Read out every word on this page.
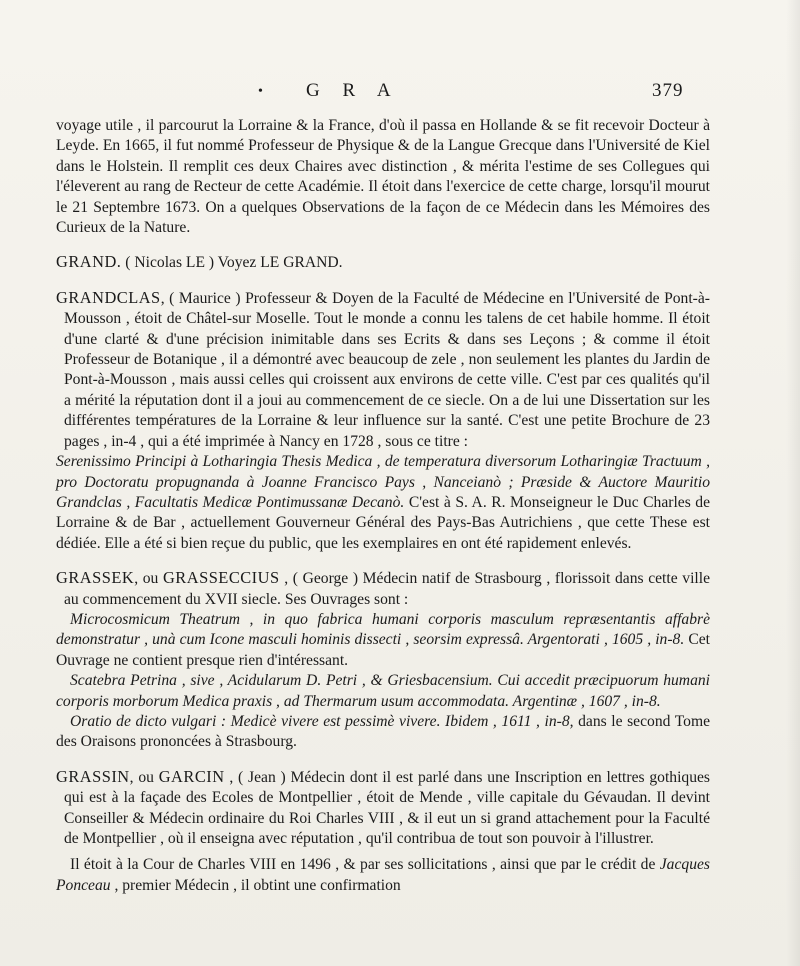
• G R A	379

voyage utile , il parcourut la Lorraine & la France, d'où il passa en Hollande & se fit recevoir Docteur à Leyde. En 1665, il fut nommé Professeur de Physique & de la Langue Grecque dans l'Université de Kiel dans le Holstein. Il remplit ces deux Chaires avec distinction , & mérita l'estime de ses Collegues qui l'éleverent au rang de Recteur de cette Académie. Il étoit dans l'exercice de cette charge, lorsqu'il mourut le 21 Septembre 1673. On a quelques Observations de la façon de ce Médecin dans les Mémoires des Curieux de la Nature.

GRAND. ( Nicolas LE ) Voyez LE GRAND.

GRANDCLAS, ( Maurice ) Professeur & Doyen de la Faculté de Médecine en l'Université de Pont-à-Mousson , étoit de Châtel-sur Moselle. Tout le monde a connu les talens de cet habile homme. Il étoit d'une clarté & d'une précision inimitable dans ses Ecrits & dans ses Leçons ; & comme il étoit Professeur de Botanique , il a démontré avec beaucoup de zele , non seulement les plantes du Jardin de Pont-à-Mousson , mais aussi celles qui croissent aux environs de cette ville. C'est par ces qualités qu'il a mérité la réputation dont il a joui au commencement de ce siecle. On a de lui une Dissertation sur les différentes températures de la Lorraine & leur influence sur la santé. C'est une petite Brochure de 23 pages , in-4 , qui a été imprimée à Nancy en 1728 , sous ce titre :

Serenissimo Principi à Lotharingia Thesis Medica , de temperatura diversorum Lotharingiæ Tractuum , pro Doctoratu propugnanda à Joanne Francisco Pays , Nanceianò ; Præside & Auctore Mauritio Grandclas , Facultatis Medicæ Pontimussanæ Decanò. C'est à S. A. R. Monseigneur le Duc Charles de Lorraine & de Bar , actuellement Gouverneur Général des Pays-Bas Autrichiens , que cette These est dédiée. Elle a été si bien reçue du public, que les exemplaires en ont été rapidement enlevés.

GRASSEK, ou GRASSECCIUS , ( George ) Médecin natif de Strasbourg , florissoit dans cette ville au commencement du XVII siecle. Ses Ouvrages sont :

Microcosmicum Theatrum , in quo fabrica humani corporis masculum repræsentantis affabrè demonstratur , unà cum Icone masculi hominis dissecti , seorsim expressâ. Argentorati , 1605 , in-8. Cet Ouvrage ne contient presque rien d'intéressant.

Scatebra Petrina , sive , Acidularum D. Petri , & Griesbacensium. Cui accedit præcipuorum humani corporis morborum Medica praxis , ad Thermarum usum accommodata. Argentinæ , 1607 , in-8.

Oratio de dicto vulgari : Medicè vivere est pessimè vivere. Ibidem , 1611 , in-8, dans le second Tome des Oraisons prononcées à Strasbourg.

GRASSIN, ou GARCIN , ( Jean ) Médecin dont il est parlé dans une Inscription en lettres gothiques qui est à la façade des Ecoles de Montpellier , étoit de Mende , ville capitale du Gévaudan. Il devint Conseiller & Médecin ordinaire du Roi Charles VIII , & il eut un si grand attachement pour la Faculté de Montpellier , où il enseigna avec réputation , qu'il contribua de tout son pouvoir à l'illustrer.

Il étoit à la Cour de Charles VIII en 1496 , & par ses sollicitations , ainsi que par le crédit de Jacques Ponceau , premier Médecin , il obtint une confirmation
